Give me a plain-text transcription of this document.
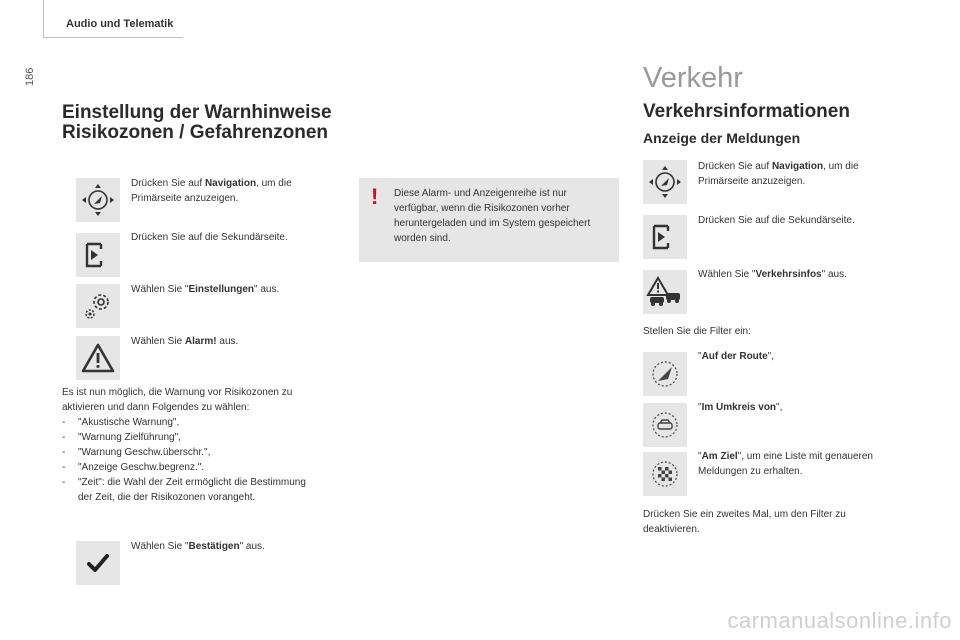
Audio und Telematik
186
Einstellung der Warnhinweise
Risikozonen / Gefahrenzonen
Drücken Sie auf Navigation, um die Primärseite anzuzeigen.
Drücken Sie auf die Sekundärseite.
Wählen Sie "Einstellungen" aus.
Wählen Sie Alarm! aus.
Es ist nun möglich, die Warnung vor Risikozonen zu aktivieren und dann Folgendes zu wählen:
- "Akustische Warnung",
- "Warnung Zielführung",
- "Warnung Geschw.überschr.",
- "Anzeige Geschw.begrenz.".
- "Zeit": die Wahl der Zeit ermöglicht die Bestimmung der Zeit, die der Risikozonen vorangeht.
Wählen Sie "Bestätigen" aus.
! Diese Alarm- und Anzeigenreihe ist nur verfügbar, wenn die Risikozonen vorher heruntergeladen und im System gespeichert worden sind.
Verkehr
Verkehrsinformationen
Anzeige der Meldungen
Drücken Sie auf Navigation, um die Primärseite anzuzeigen.
Drücken Sie auf die Sekundärseite.
Wählen Sie "Verkehrsinfos" aus.
Stellen Sie die Filter ein:
"Auf der Route",
"Im Umkreis von",
"Am Ziel", um eine Liste mit genaueren Meldungen zu erhalten.
Drücken Sie ein zweites Mal, um den Filter zu deaktivieren.
carmanualsonline.info
